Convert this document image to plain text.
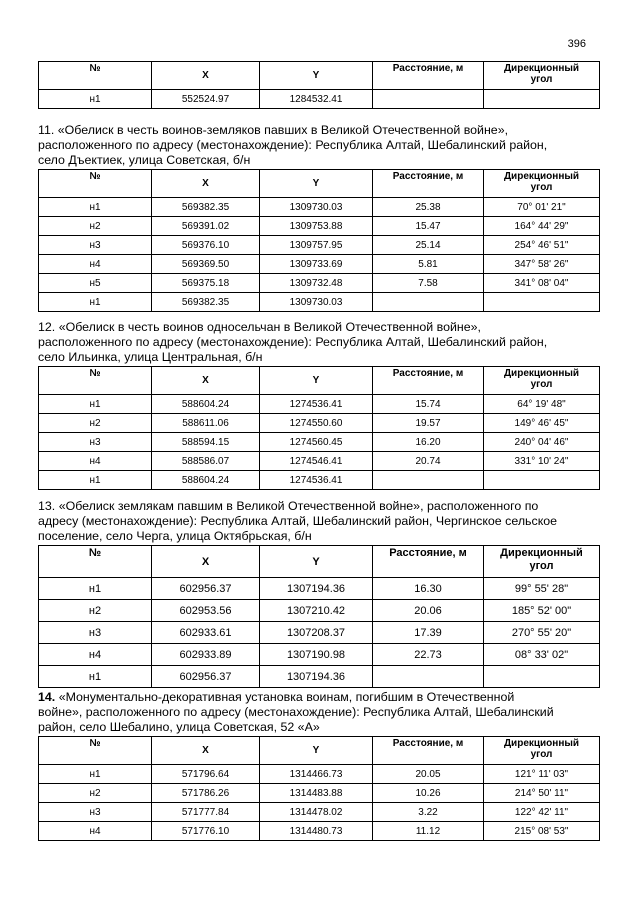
396
№	X	Y	Расстояние, м	Дирекционный
угол
н1	552524.97	1284532.41		

11. «Обелиск в честь воинов-земляков павших в Великой Отечественной войне»,
расположенного по адресу (местонахождение): Республика Алтай, Шебалинский район,
село Дъектиек, улица Советская, б/н

№	X	Y	Расстояние, м	Дирекционный
угол
н1	569382.35	1309730.03	25.38	70° 01' 21"
н2	569391.02	1309753.88	15.47	164° 44' 29"
н3	569376.10	1309757.95	25.14	254° 46' 51"
н4	569369.50	1309733.69	5.81	347° 58' 26"
н5	569375.18	1309732.48	7.58	341° 08' 04"
н1	569382.35	1309730.03		

12. «Обелиск в честь воинов односельчан в Великой Отечественной войне»,
расположенного по адресу (местонахождение): Республика Алтай, Шебалинский район,
село Ильинка, улица Центральная, б/н

№	X	Y	Расстояние, м	Дирекционный
угол
н1	588604.24	1274536.41	15.74	64° 19' 48"
н2	588611.06	1274550.60	19.57	149° 46' 45"
н3	588594.15	1274560.45	16.20	240° 04' 46"
н4	588586.07	1274546.41	20.74	331° 10' 24"
н1	588604.24	1274536.41		

13. «Обелиск землякам павшим в Великой Отечественной войне», расположенного по
адресу (местонахождение): Республика Алтай, Шебалинский район, Чергинское сельское
поселение, село Черга, улица Октябрьская, б/н

№	X	Y	Расстояние, м	Дирекционный
угол
н1	602956.37	1307194.36	16.30	99° 55' 28"
н2	602953.56	1307210.42	20.06	185° 52' 00"
н3	602933.61	1307208.37	17.39	270° 55' 20"
н4	602933.89	1307190.98	22.73	08° 33' 02"
н1	602956.37	1307194.36		

14. «Монументально-декоративная установка воинам, погибшим в Отечественной
войне», расположенного по адресу (местонахождение): Республика Алтай, Шебалинский
район, село Шебалино, улица Советская, 52 «А»

№	X	Y	Расстояние, м	Дирекционный
угол
н1	571796.64	1314466.73	20.05	121° 11' 03"
н2	571786.26	1314483.88	10.26	214° 50' 11"
н3	571777.84	1314478.02	3.22	122° 42' 11"
н4	571776.10	1314480.73	11.12	215° 08' 53"
